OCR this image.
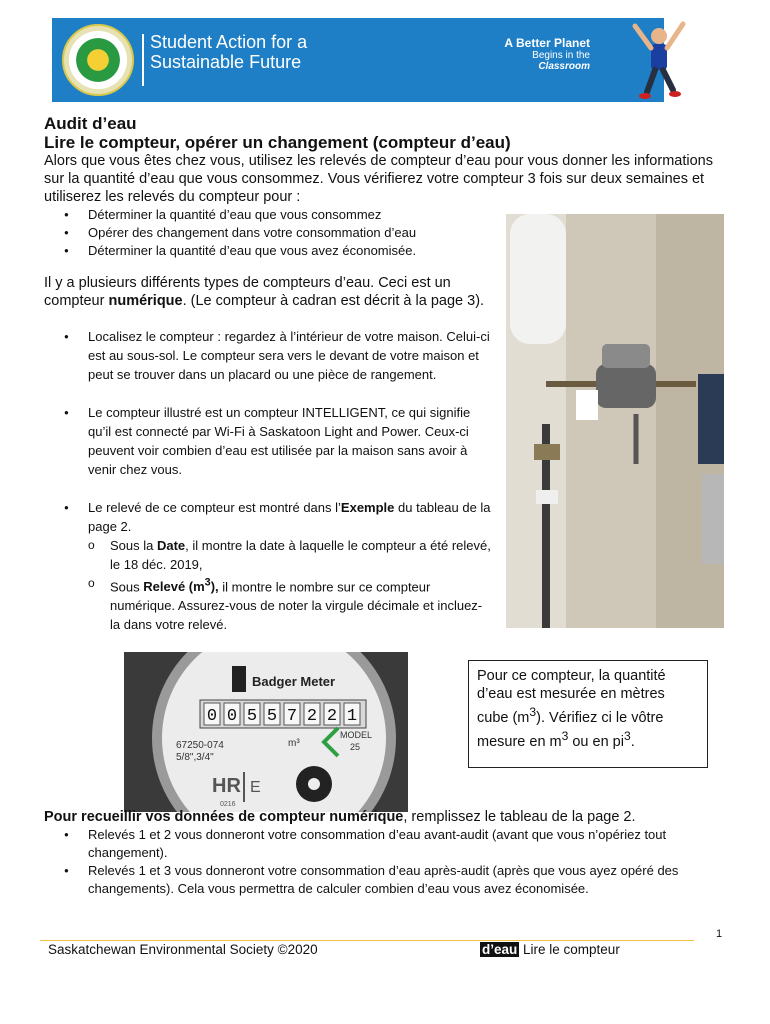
Student Action for a
Sustainable Future
A Better Planet
Begins in the
Classroom
Audit d’eau
Lire le compteur, opérer un changement (compteur d’eau)
Alors que vous êtes chez vous, utilisez les relevés de compteur d’eau pour vous donner les informations sur la quantité d’eau que vous consommez. Vous vérifierez votre compteur 3 fois sur deux semaines et utiliserez les relevés du compteur pour :
● Déterminer la quantité d’eau que vous consommez
● Opérer des changement dans votre consommation d’eau
● Déterminer la quantité d’eau que vous avez économisée.
Il y a plusieurs différents types de compteurs d’eau. Ceci est un compteur numérique. (Le compteur à cadran est décrit à la page 3).
● Localisez le compteur : regardez à l’intérieur de votre maison. Celui-ci est au sous-sol. Le compteur sera vers le devant de votre maison et peut se trouver dans un placard ou une pièce de rangement.
● Le compteur illustré est un compteur INTELLIGENT, ce qui signifie qu’il est connecté par Wi-Fi à Saskatoon Light and Power. Ceux-ci peuvent voir combien d’eau est utilisée par la maison sans avoir à venir chez vous.
● Le relevé de ce compteur est montré dans l’Exemple du tableau de la page 2.
o Sous la Date, il montre la date à laquelle le compteur a été relevé, le 18 déc. 2019,
o Sous Relevé $(m^3)$, il montre le nombre sur ce compteur numérique. Assurez-vous de noter la virgule décimale et incluez-la dans votre relevé.
Badger Meter
0 0 5 5 7 2 2 1
67250-074
5/8",3/4"
m³
MODEL
25
HR E
0216
Pour ce compteur, la quantité d’eau est mesurée en mètres cube $(m^3)$. Vérifiez ci le vôtre mesure en $m^3$ ou en $pi^3$.
Pour recueillir vos données de compteur numérique, remplissez le tableau de la page 2.
● Relevés 1 et 2 vous donneront votre consommation d’eau avant-audit (avant que vous n’opériez tout changement).
● Relevés 1 et 3 vous donneront votre consommation d’eau après-audit (après que vous ayez opéré des changements). Cela vous permettra de calculer combien d’eau vous avez économisée.
1
Saskatchewan Environmental Society ©2020	d’eau Lire le compteur
